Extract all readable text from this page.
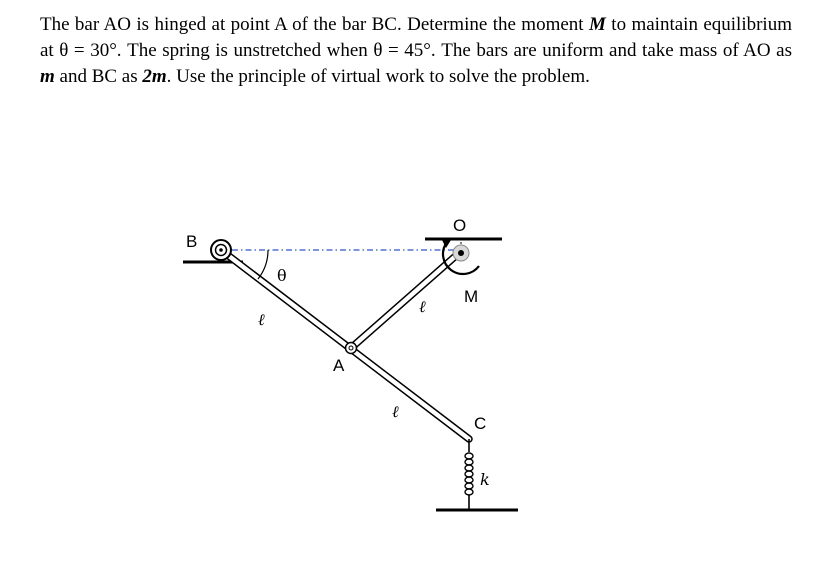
The bar AO is hinged at point A of the bar BC. Determine the moment M to maintain equilibrium at θ = 30°. The spring is unstretched when θ = 45°. The bars are uniform and take mass of AO as m and BC as 2m. Use the principle of virtual work to solve the problem.
B
O
A
C
M
θ
ℓ
ℓ
ℓ
k
